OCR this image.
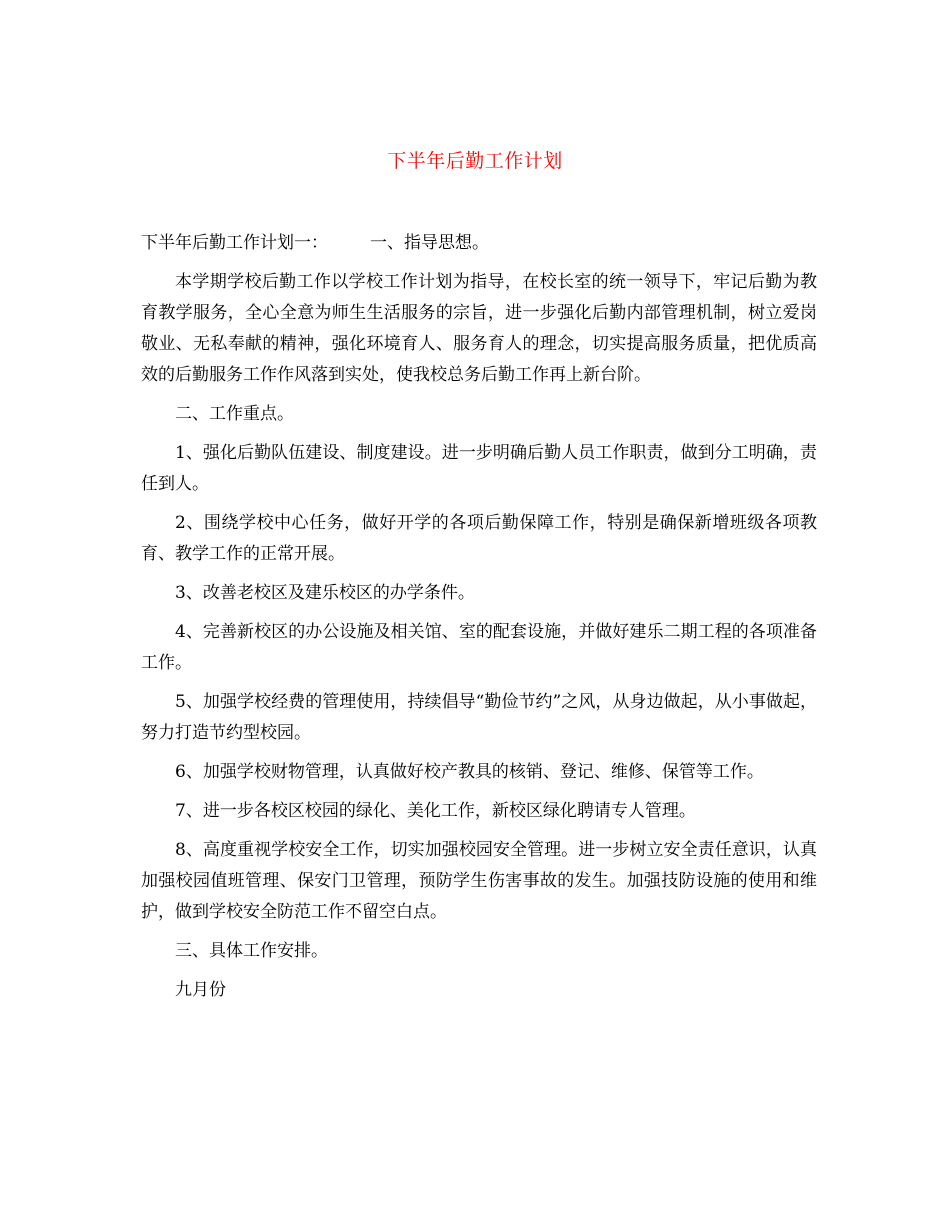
下半年后勤工作计划

下半年后勤工作计划一： 一、指导思想。

本学期学校后勤工作以学校工作计划为指导，在校长室的统一领导下，牢记后勤为教育教学服务，全心全意为师生生活服务的宗旨，进一步强化后勤内部管理机制，树立爱岗敬业、无私奉献的精神，强化环境育人、服务育人的理念，切实提高服务质量，把优质高效的后勤服务工作作风落到实处，使我校总务后勤工作再上新台阶。

二、工作重点。

1、强化后勤队伍建设、制度建设。进一步明确后勤人员工作职责，做到分工明确，责任到人。

2、围绕学校中心任务，做好开学的各项后勤保障工作，特别是确保新增班级各项教育、教学工作的正常开展。

3、改善老校区及建乐校区的办学条件。

4、完善新校区的办公设施及相关馆、室的配套设施，并做好建乐二期工程的各项准备工作。

5、加强学校经费的管理使用，持续倡导“勤俭节约”之风，从身边做起，从小事做起，努力打造节约型校园。

6、加强学校财物管理，认真做好校产教具的核销、登记、维修、保管等工作。

7、进一步各校区校园的绿化、美化工作，新校区绿化聘请专人管理。

8、高度重视学校安全工作，切实加强校园安全管理。进一步树立安全责任意识，认真加强校园值班管理、保安门卫管理，预防学生伤害事故的发生。加强技防设施的使用和维护，做到学校安全防范工作不留空白点。

三、具体工作安排。

九月份
